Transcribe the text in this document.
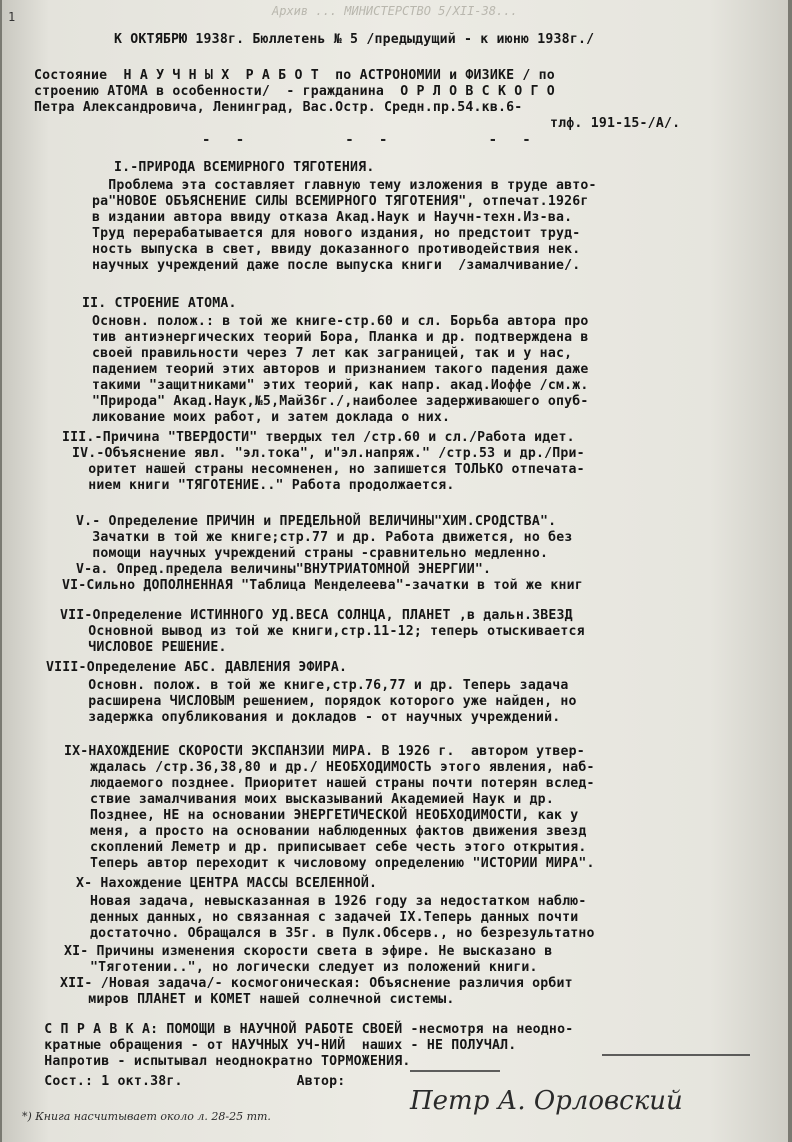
1	Архив ... МИНИСТЕРСТВО 5/XII-38...
К ОКТЯБРЮ 1938г. Бюллетень № 5 /предыдущий - к июню 1938г./
Состояние  Н А У Ч Н Ы Х  Р А Б О Т  по АСТРОНОМИИ и ФИЗИКЕ / по
строению АТОМА в особенности/  - гражданина  О Р Л О В С К О Г О
Петра Александровича, Ленинград, Вас.Остр. Средн.пр.54.кв.6-
тлф. 191-15-/А/.
-   -            -   -            -   -
I.-ПРИРОДА ВСЕМИРНОГО ТЯГОТЕНИЯ.
Проблема эта составляет главную тему изложения в труде авто-
ра"НОВОЕ ОБЪЯСНЕНИЕ СИЛЫ ВСЕМИРНОГО ТЯГОТЕНИЯ", отпечат.1926г
в издании автора ввиду отказа Акад.Наук и Научн-техн.Из-ва.
Труд перерабатывается для нового издания, но предстоит труд-
ность выпуска в свет, ввиду доказанного противодействия нек.
научных учреждений даже после выпуска книги  /замалчивание/.
II. СТРОЕНИЕ АТОМА.
Основн. полож.: в той же книге-стр.60 и сл. Борьба автора про
тив антиэнергических теорий Бора, Планка и др. подтверждена в
своей правильности через 7 лет как заграницей, так и у нас,
падением теорий этих авторов и признанием такого падения даже
такими "защитниками" этих теорий, как напр. акад.Иоффе /см.ж.
"Природа" Акад.Наук,№5,Май36г./,наиболее задерживаюшего опуб-
ликование моих работ, и затем доклада о них.
III.-Причина "ТВЕРДОСТИ" твердых тел /стр.60 и сл./Работа идет.
IV.-Объяснение явл. "эл.тока", и"эл.напряж." /стр.53 и др./При-
оритет нашей страны несомненен, но запишется ТОЛЬКО отпечата-
нием книги "ТЯГОТЕНИЕ.." Работа продолжается.
V.- Определение ПРИЧИН и ПРЕДЕЛЬНОЙ ВЕЛИЧИНЫ"ХИМ.СРОДСТВА".
Зачатки в той же книге;стр.77 и др. Работа движется, но без
помощи научных учреждений страны -сравнительно медленно.
V-а. Опред.предела величины"ВНУТРИАТОМНОЙ ЭНЕРГИИ".
VI-Сильно ДОПОЛНЕННАЯ "Таблица Менделеева"-зачатки в той же книг
VII-Определение ИСТИННОГО УД.ВЕСА СОЛНЦА, ПЛАНЕТ ,в дальн.ЗВЕЗД
Основной вывод из той же книги,стр.11-12; теперь отыскивается
ЧИСЛОВОЕ РЕШЕНИЕ.
VIII-Определение АБС. ДАВЛЕНИЯ ЭФИРА.
Основн. полож. в той же книге,стр.76,77 и др. Теперь задача
расширена ЧИСЛОВЫМ решением, порядок которого уже найден, но
задержка опубликования и докладов - от научных учреждений.
IX-НАХОЖДЕНИЕ СКОРОСТИ ЭКСПАНЗИИ МИРА. В 1926 г.  автором утвер-
ждалась /стр.36,38,80 и др./ НЕОБХОДИМОСТЬ этого явления, наб-
людаемого позднее. Приоритет нашей страны почти потерян вслед-
ствие замалчивания моих высказываний Академией Наук и др.
Позднее, НЕ на основании ЭНЕРГЕТИЧЕСКОЙ НЕОБХОДИМОСТИ, как у
меня, а просто на основании наблюденных фактов движения звезд
скоплений Леметр и др. приписывает себе честь этого открытия.
Теперь автор переходит к числовому определению "ИСТОРИИ МИРА".
X- Нахождение ЦЕНТРА МАССЫ ВСЕЛЕННОЙ.
Новая задача, невысказанная в 1926 году за недостатком наблю-
денных данных, но связанная с задачей IX.Теперь данных почти
достаточно. Обращался в 35г. в Пулк.Обсерв., но безрезультатно
XI- Причины изменения скорости света в эфире. Не высказано в
"Тяготении..", но логически следует из положений книги.
XII- /Новая задача/- космогоническая: Объяснение различия орбит
миров ПЛАНЕТ и КОМЕТ нашей солнечной системы.
С П Р А В К А: ПОМОЩИ в НАУЧНОЙ РАБОТЕ СВОЕЙ -несмотря на неодно-
кратные обращения - от НАУЧНЫХ УЧ-НИЙ  наших - НЕ ПОЛУЧАЛ.
Напротив - испытывал неоднократно ТОРМОЖЕНИЯ.
Сост.: 1 окт.38г.              Автор:
Петр А. Орловский
*) Книга насчитывает около л. 28-25 тт.
